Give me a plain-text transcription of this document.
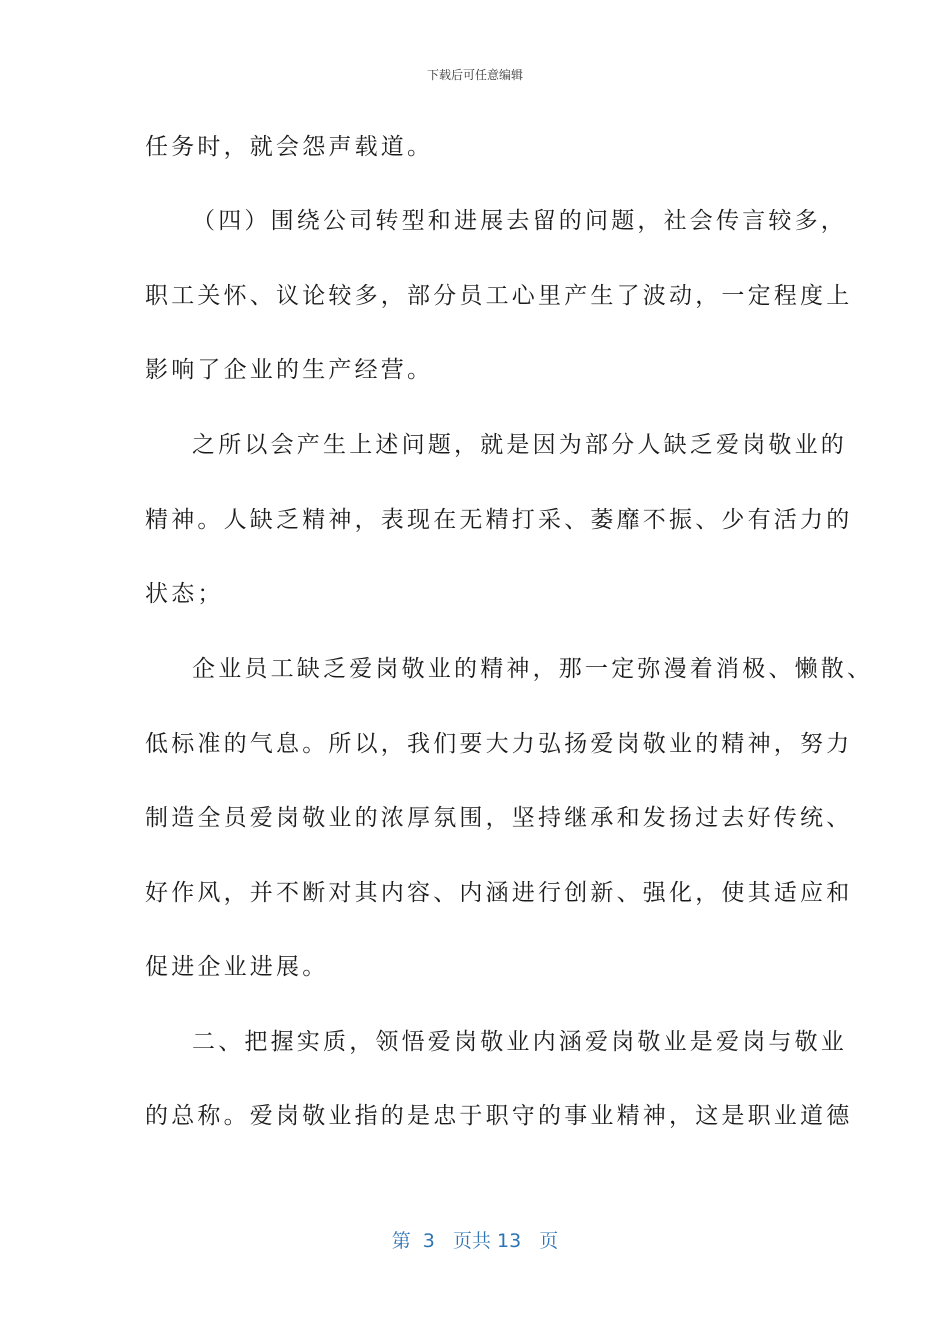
下载后可任意编辑
任务时，就会怨声载道。
（四）围绕公司转型和进展去留的问题，社会传言较多，
职工关怀、议论较多，部分员工心里产生了波动，一定程度上
影响了企业的生产经营。
之所以会产生上述问题，就是因为部分人缺乏爱岗敬业的
精神。人缺乏精神，表现在无精打采、萎靡不振、少有活力的
状态；
企业员工缺乏爱岗敬业的精神，那一定弥漫着消极、懒散、
低标准的气息。所以，我们要大力弘扬爱岗敬业的精神，努力
制造全员爱岗敬业的浓厚氛围，坚持继承和发扬过去好传统、
好作风，并不断对其内容、内涵进行创新、强化，使其适应和
促进企业进展。
二、把握实质，领悟爱岗敬业内涵爱岗敬业是爱岗与敬业
的总称。爱岗敬业指的是忠于职守的事业精神，这是职业道德
第  3   页共 13   页
